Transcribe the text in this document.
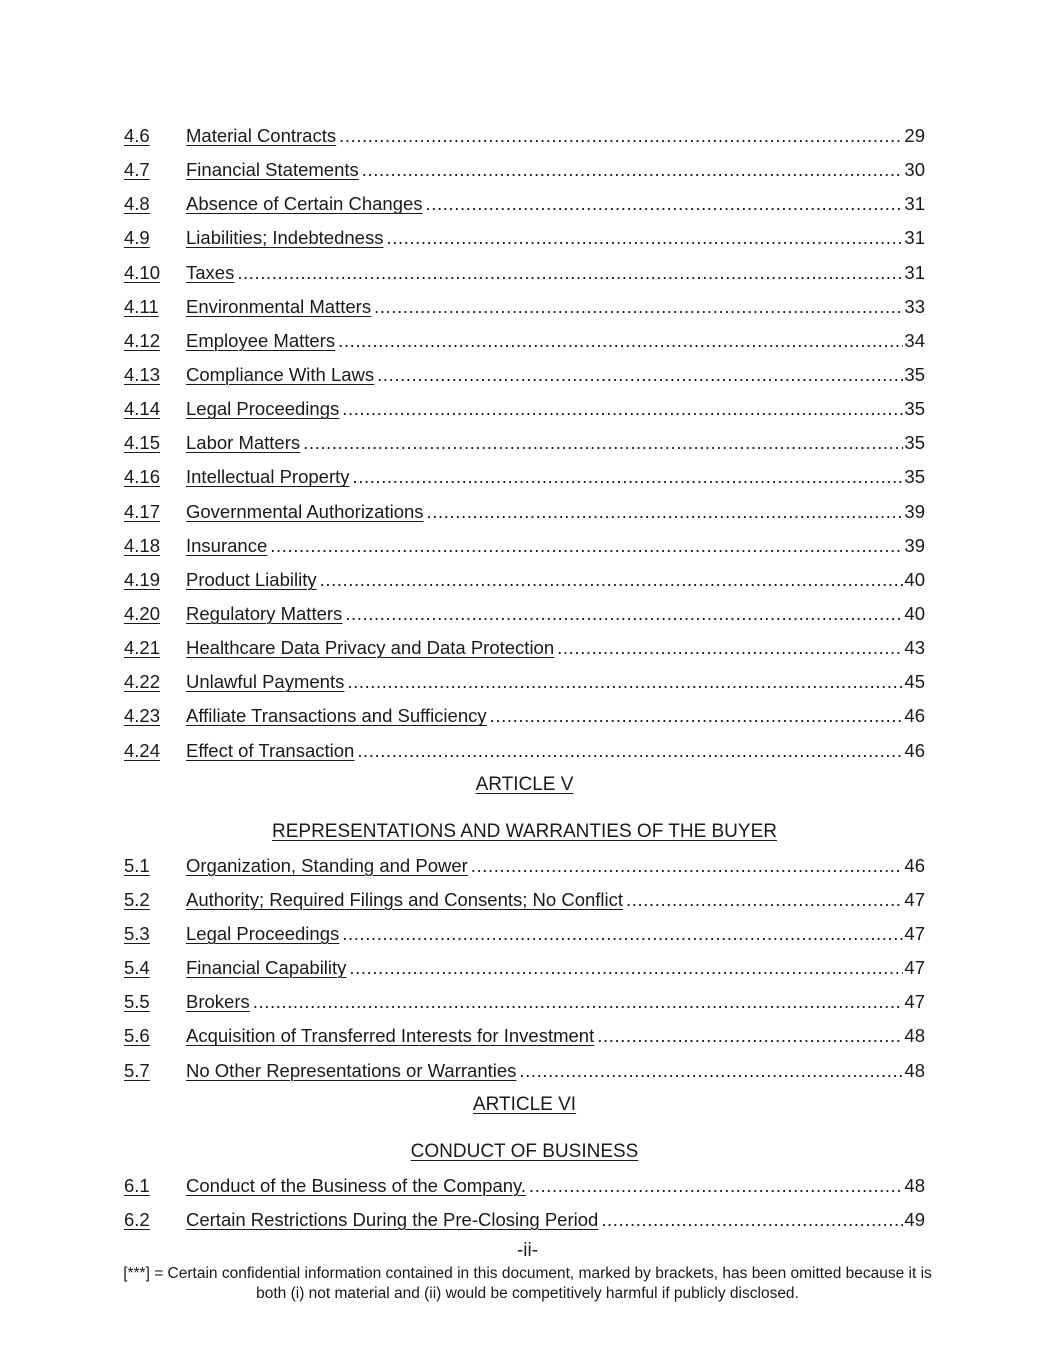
4.6	Material Contracts .....	29
4.7	Financial Statements .....	30
4.8	Absence of Certain Changes .....	31
4.9	Liabilities; Indebtedness .....	31
4.10	Taxes .....	31
4.11	Environmental Matters .....	33
4.12	Employee Matters .....	34
4.13	Compliance With Laws .....	35
4.14	Legal Proceedings .....	35
4.15	Labor Matters .....	35
4.16	Intellectual Property .....	35
4.17	Governmental Authorizations .....	39
4.18	Insurance .....	39
4.19	Product Liability .....	40
4.20	Regulatory Matters .....	40
4.21	Healthcare Data Privacy and Data Protection .....	43
4.22	Unlawful Payments .....	45
4.23	Affiliate Transactions and Sufficiency .....	46
4.24	Effect of Transaction .....	46
ARTICLE V
REPRESENTATIONS AND WARRANTIES OF THE BUYER
5.1	Organization, Standing and Power .....	46
5.2	Authority; Required Filings and Consents; No Conflict .....	47
5.3	Legal Proceedings .....	47
5.4	Financial Capability .....	47
5.5	Brokers .....	47
5.6	Acquisition of Transferred Interests for Investment .....	48
5.7	No Other Representations or Warranties .....	48
ARTICLE VI
CONDUCT OF BUSINESS
6.1	Conduct of the Business of the Company. .....	48
6.2	Certain Restrictions During the Pre-Closing Period .....	49
-ii-
[***] = Certain confidential information contained in this document, marked by brackets, has been omitted because it is both (i) not material and (ii) would be competitively harmful if publicly disclosed.
